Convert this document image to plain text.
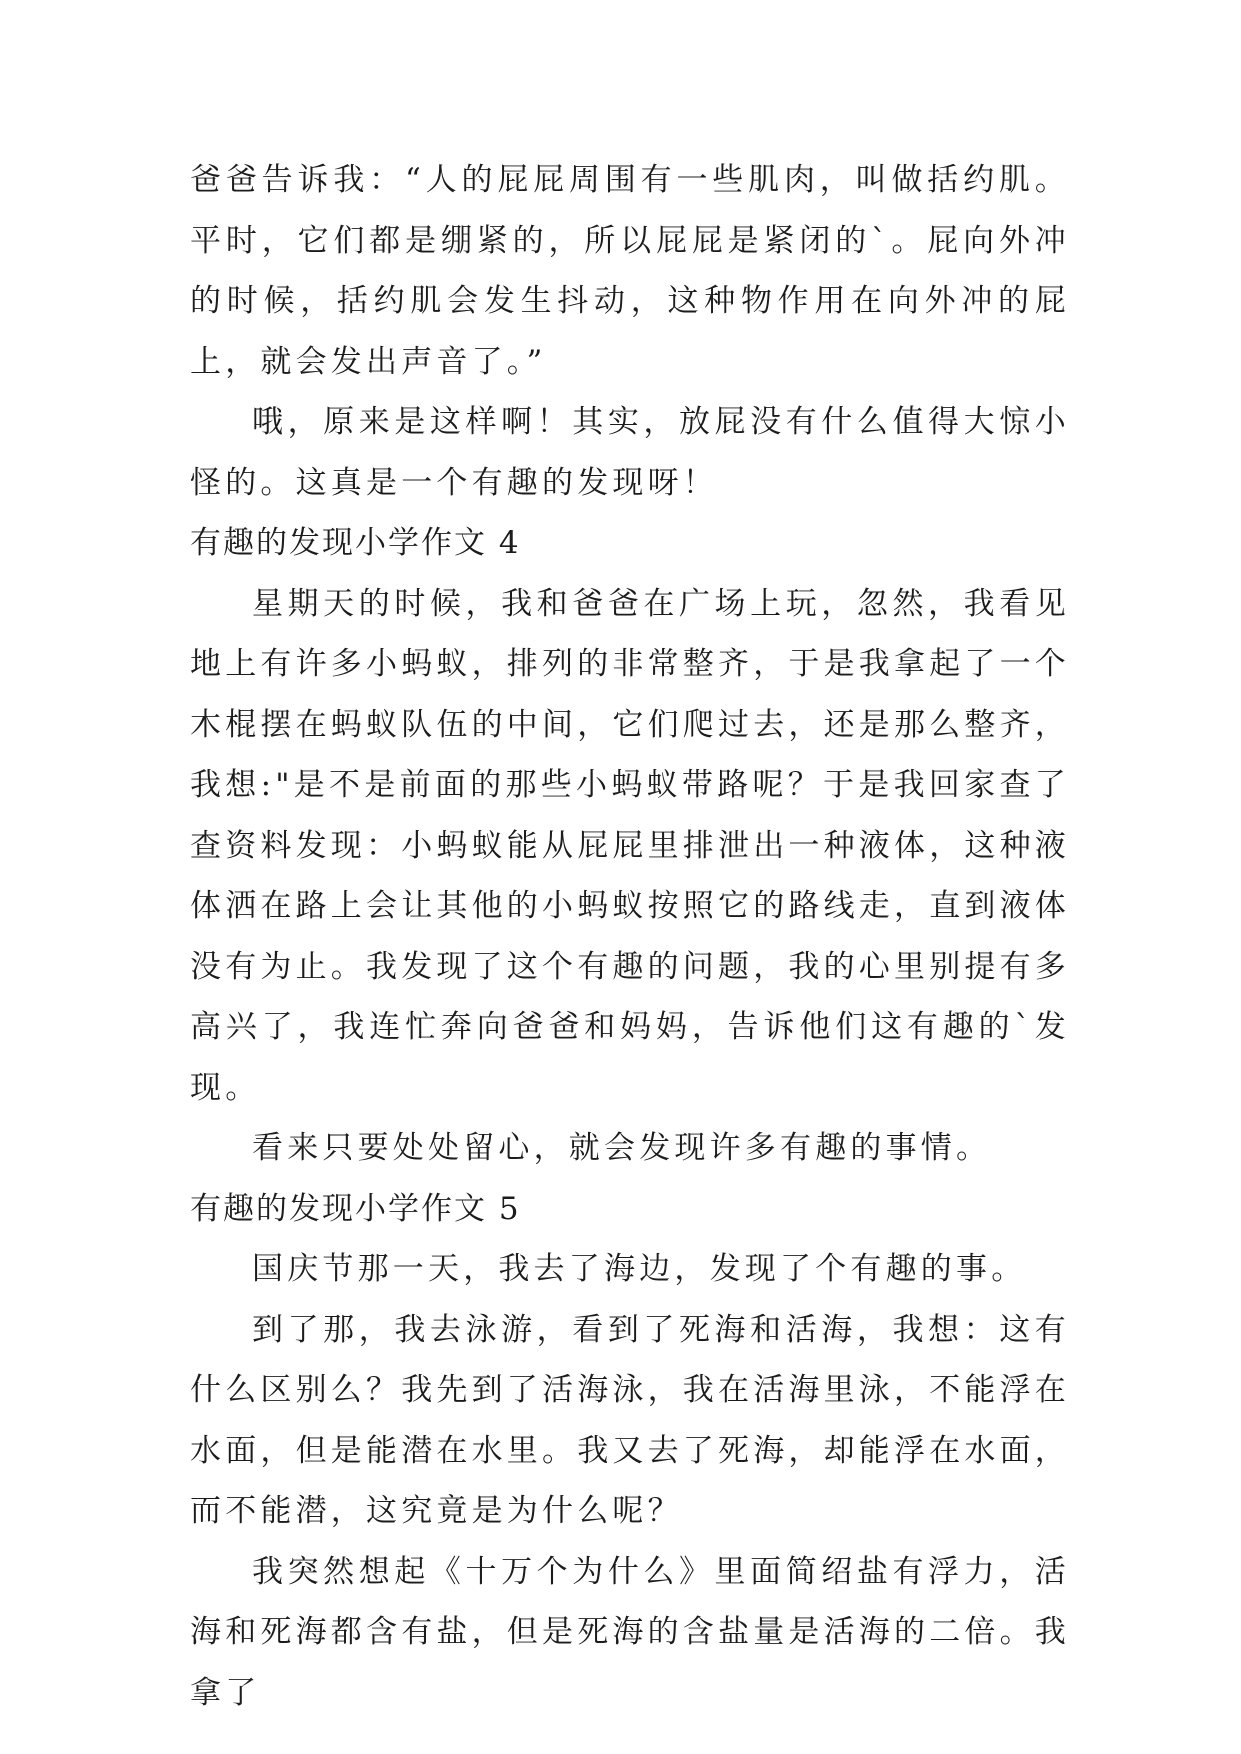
爸爸告诉我：“人的屁屁周围有一些肌肉，叫做括约肌。平时，它们都是绷紧的，所以屁屁是紧闭的`。屁向外冲的时候，括约肌会发生抖动，这种物作用在向外冲的屁上，就会发出声音了。”

哦，原来是这样啊！其实，放屁没有什么值得大惊小怪的。这真是一个有趣的发现呀！

有趣的发现小学作文 4

星期天的时候，我和爸爸在广场上玩，忽然，我看见地上有许多小蚂蚁，排列的非常整齐，于是我拿起了一个木棍摆在蚂蚁队伍的中间，它们爬过去，还是那么整齐，我想:"是不是前面的那些小蚂蚁带路呢？于是我回家查了查资料发现：小蚂蚁能从屁屁里排泄出一种液体，这种液体洒在路上会让其他的小蚂蚁按照它的路线走，直到液体没有为止。我发现了这个有趣的问题，我的心里别提有多高兴了，我连忙奔向爸爸和妈妈，告诉他们这有趣的`发现。

看来只要处处留心，就会发现许多有趣的事情。

有趣的发现小学作文 5

国庆节那一天，我去了海边，发现了个有趣的事。

到了那，我去泳游，看到了死海和活海，我想：这有什么区别么？我先到了活海泳，我在活海里泳，不能浮在水面，但是能潜在水里。我又去了死海，却能浮在水面，而不能潜，这究竟是为什么呢？

我突然想起《十万个为什么》里面简绍盐有浮力，活海和死海都含有盐，但是死海的含盐量是活海的二倍。我拿了
